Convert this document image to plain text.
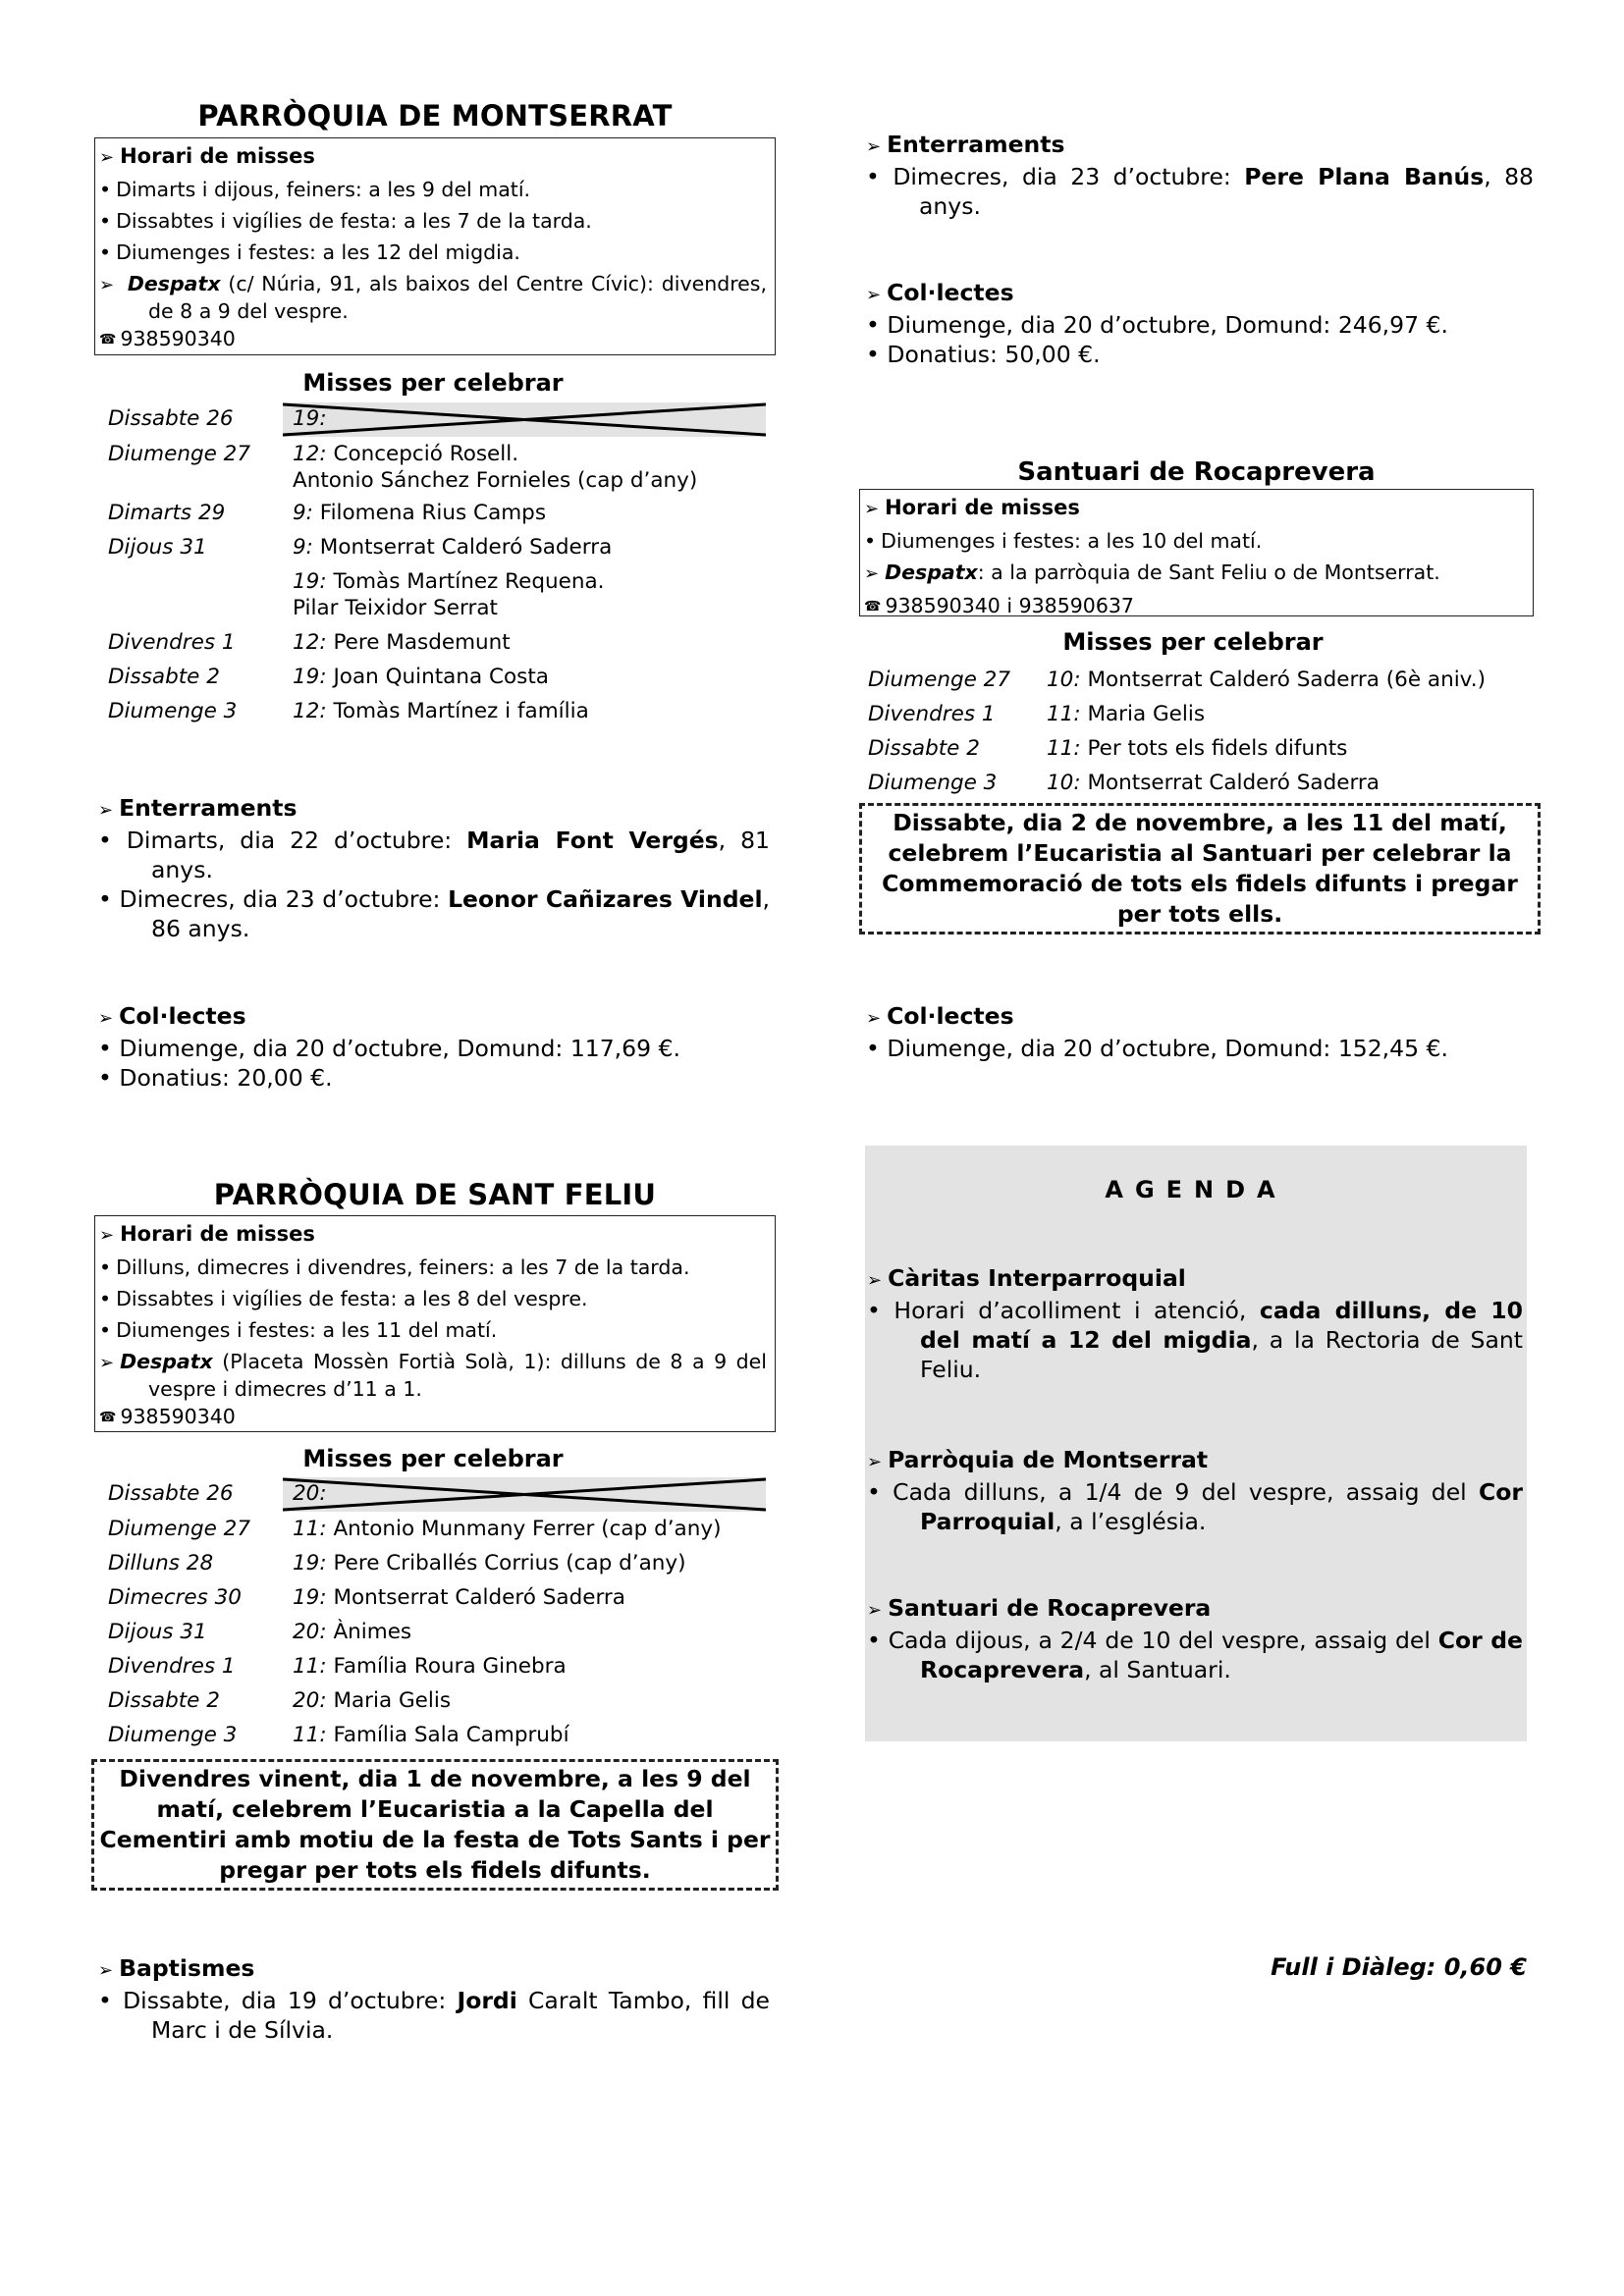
PARRÒQUIA DE MONTSERRAT
➢ Horari de misses
• Dimarts i dijous, feiners: a les 9 del matí.
• Dissabtes i vigílies de festa: a les 7 de la tarda.
• Diumenges i festes: a les 12 del migdia.
➢ Despatx (c/ Núria, 91, als baixos del Centre Cívic): divendres, de 8 a 9 del vespre.
☎ 938590340
Misses per celebrar
Dissabte 26	19:
Diumenge 27 12: Concepció Rosell.
Antonio Sánchez Fornieles (cap d’any)
Dimarts 29	9: Filomena Rius Camps
Dijous 31	9: Montserrat Calderó Saderra
19: Tomàs Martínez Requena.
Pilar Teixidor Serrat
Divendres 1	12: Pere Masdemunt
Dissabte 2	19: Joan Quintana Costa
Diumenge 3	12: Tomàs Martínez i família
➢ Enterraments
• Dimarts, dia 22 d’octubre: Maria Font Vergés, 81 anys.
• Dimecres, dia 23 d’octubre: Leonor Cañizares Vindel, 86 anys.
➢ Col·lectes
• Diumenge, dia 20 d’octubre, Domund: 117,69 €.
• Donatius: 20,00 €.
PARRÒQUIA DE SANT FELIU
➢ Horari de misses
• Dilluns, dimecres i divendres, feiners: a les 7 de la tarda.
• Dissabtes i vigílies de festa: a les 8 del vespre.
• Diumenges i festes: a les 11 del matí.
➢ Despatx (Placeta Mossèn Fortià Solà, 1): dilluns de 8 a 9 del vespre i dimecres d’11 a 1.
☎ 938590340
Misses per celebrar
Dissabte 26	20:
Diumenge 27 11: Antonio Munmany Ferrer (cap d’any)
Dilluns 28	19: Pere Criballés Corrius (cap d’any)
Dimecres 30 19: Montserrat Calderó Saderra
Dijous 31	20: Ànimes
Divendres 1	11: Família Roura Ginebra
Dissabte 2	20: Maria Gelis
Diumenge 3	11: Família Sala Camprubí
Divendres vinent, dia 1 de novembre, a les 9 del matí, celebrem l’Eucaristia a la Capella del Cementiri amb motiu de la festa de Tots Sants i per pregar per tots els fidels difunts.
➢ Baptismes
• Dissabte, dia 19 d’octubre: Jordi Caralt Tambo, fill de Marc i de Sílvia.
➢ Enterraments
• Dimecres, dia 23 d’octubre: Pere Plana Banús, 88 anys.
➢ Col·lectes
• Diumenge, dia 20 d’octubre, Domund: 246,97 €.
• Donatius: 50,00 €.
Santuari de Rocaprevera
➢ Horari de misses
• Diumenges i festes: a les 10 del matí.
➢ Despatx: a la parròquia de Sant Feliu o de Montserrat.
☎ 938590340 i 938590637
Misses per celebrar
Diumenge 27 10: Montserrat Calderó Saderra (6è aniv.)
Divendres 1 11: Maria Gelis
Dissabte 2	11: Per tots els fidels difunts
Diumenge 3 10: Montserrat Calderó Saderra
Dissabte, dia 2 de novembre, a les 11 del matí, celebrem l’Eucaristia al Santuari per celebrar la Commemoració de tots els fidels difunts i pregar per tots ells.
➢ Col·lectes
• Diumenge, dia 20 d’octubre, Domund: 152,45 €.
AGENDA
➢ Càritas Interparroquial
• Horari d’acolliment i atenció, cada dilluns, de 10 del matí a 12 del migdia, a la Rectoria de Sant Feliu.
➢ Parròquia de Montserrat
• Cada dilluns, a 1/4 de 9 del vespre, assaig del Cor Parroquial, a l’església.
➢ Santuari de Rocaprevera
• Cada dijous, a 2/4 de 10 del vespre, assaig del Cor de Rocaprevera, al Santuari.
Full i Diàleg: 0,60 €
